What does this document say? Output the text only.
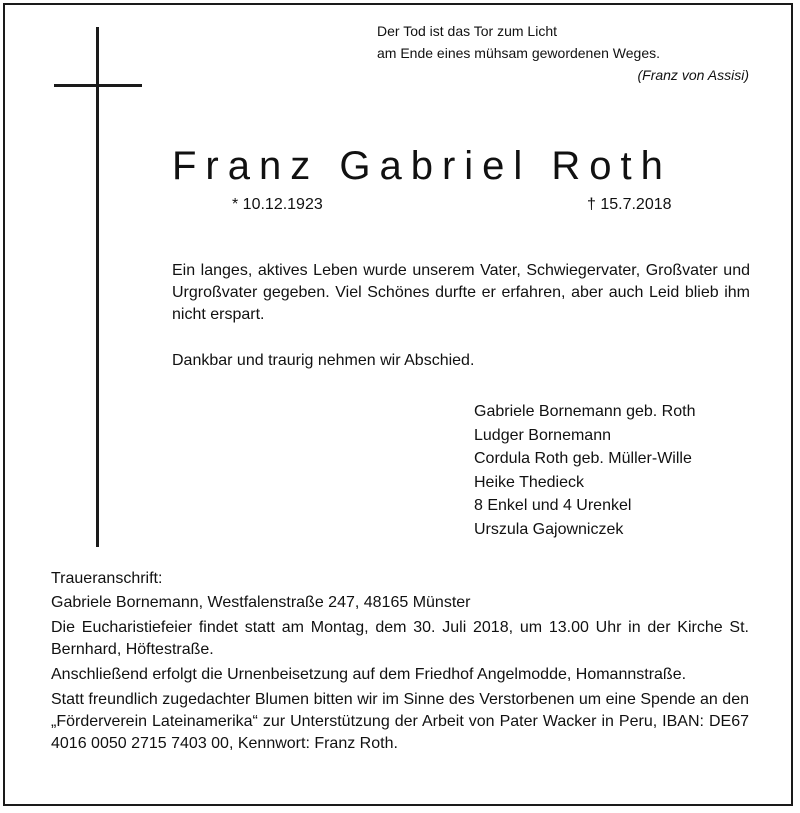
Der Tod ist das Tor zum Licht
am Ende eines mühsam gewordenen Weges.
(Franz von Assisi)
Franz Gabriel Roth
* 10.12.1923	† 15.7.2018
Ein langes, aktives Leben wurde unserem Vater, Schwiegervater, Großvater und Urgroßvater gegeben. Viel Schönes durfte er erfahren, aber auch Leid blieb ihm nicht erspart.
Dankbar und traurig nehmen wir Abschied.
Gabriele Bornemann geb. Roth
Ludger Bornemann
Cordula Roth geb. Müller-Wille
Heike Thedieck
8 Enkel und 4 Urenkel
Urszula Gajowniczek

Traueranschrift:

Gabriele Bornemann, Westfalenstraße 247, 48165 Münster

Die Eucharistiefeier findet statt am Montag, dem 30. Juli 2018, um 13.00 Uhr in der Kirche St. Bernhard, Höftestraße.

Anschließend erfolgt die Urnenbeisetzung auf dem Friedhof Angelmodde, Homannstraße.

Statt freundlich zugedachter Blumen bitten wir im Sinne des Verstorbenen um eine Spende an den „Förderverein Lateinamerika“ zur Unterstützung der Arbeit von Pater Wacker in Peru, IBAN: DE67 4016 0050 2715 7403 00, Kennwort: Franz Roth.
